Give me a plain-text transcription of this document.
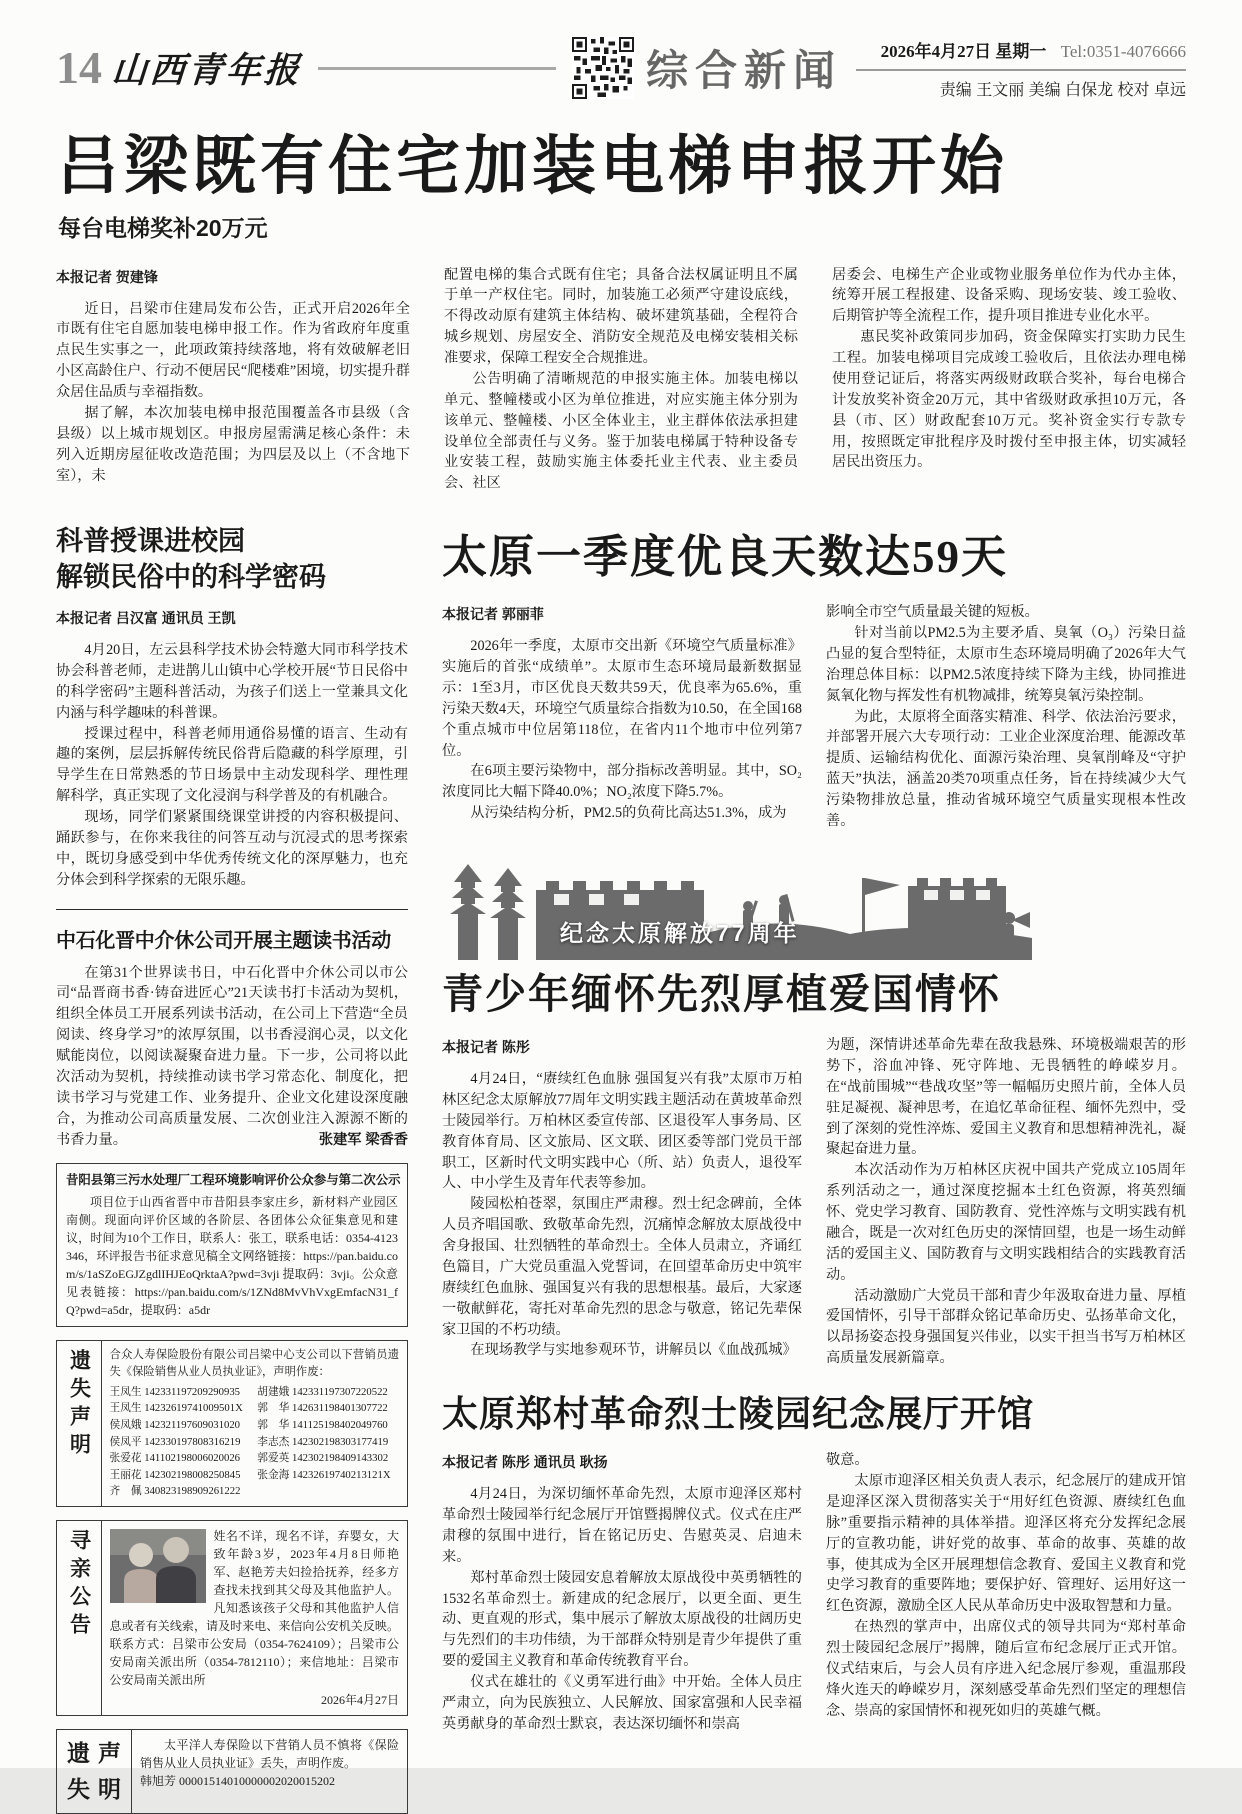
14 山西青年报	综合新闻	2026年4月27日 星期一 Tel:0351-4076666
责编 王文丽 美编 白保龙 校对 卓远
吕梁既有住宅加装电梯申报开始
每台电梯奖补20万元
本报记者 贺建锋

近日，吕梁市住建局发布公告，正式开启2026年全市既有住宅自愿加装电梯申报工作。作为省政府年度重点民生实事之一，此项政策持续落地，将有效破解老旧小区高龄住户、行动不便居民“爬楼难”困境，切实提升群众居住品质与幸福指数。

据了解，本次加装电梯申报范围覆盖各市县级（含县级）以上城市规划区。申报房屋需满足核心条件：未列入近期房屋征收改造范围；为四层及以上（不含地下室），未

配置电梯的集合式既有住宅；具备合法权属证明且不属于单一产权住宅。同时，加装施工必须严守建设底线，不得改动原有建筑主体结构、破坏建筑基础，全程符合城乡规划、房屋安全、消防安全规范及电梯安装相关标准要求，保障工程安全合规推进。

公告明确了清晰规范的申报实施主体。加装电梯以单元、整幢楼或小区为单位推进，对应实施主体分别为该单元、整幢楼、小区全体业主，业主群体依法承担建设单位全部责任与义务。鉴于加装电梯属于特种设备专业安装工程，鼓励实施主体委托业主代表、业主委员会、社区

居委会、电梯生产企业或物业服务单位作为代办主体，统筹开展工程报建、设备采购、现场安装、竣工验收、后期管护等全流程工作，提升项目推进专业化水平。

惠民奖补政策同步加码，资金保障实打实助力民生工程。加装电梯项目完成竣工验收后，且依法办理电梯使用登记证后，将落实两级财政联合奖补，每台电梯合计发放奖补资金20万元，其中省级财政承担10万元，各县（市、区）财政配套10万元。奖补资金实行专款专用，按照既定审批程序及时拨付至申报主体，切实减轻居民出资压力。

科普授课进校园
解锁民俗中的科学密码
本报记者 吕汉富 通讯员 王凯

4月20日，左云县科学技术协会特邀大同市科学技术协会科普老师，走进鹊儿山镇中心学校开展“节日民俗中的科学密码”主题科普活动，为孩子们送上一堂兼具文化内涵与科学趣味的科普课。

授课过程中，科普老师用通俗易懂的语言、生动有趣的案例，层层拆解传统民俗背后隐藏的科学原理，引导学生在日常熟悉的节日场景中主动发现科学、理性理解科学，真正实现了文化浸润与科学普及的有机融合。

现场，同学们紧紧围绕课堂讲授的内容积极提问、踊跃参与，在你来我往的问答互动与沉浸式的思考探索中，既切身感受到中华优秀传统文化的深厚魅力，也充分体会到科学探索的无限乐趣。

中石化晋中介休公司开展主题读书活动

在第31个世界读书日，中石化晋中介休公司以市公司“品晋商书香·铸奋进匠心”21天读书打卡活动为契机，组织全体员工开展系列读书活动，在公司上下营造“全员阅读、终身学习”的浓厚氛围，以书香浸润心灵，以文化赋能岗位，以阅读凝聚奋进力量。下一步，公司将以此次活动为契机，持续推动读书学习常态化、制度化，把读书学习与党建工作、业务提升、企业文化建设深度融合，为推动公司高质量发展、二次创业注入源源不断的书香力量。	张建军 梁香香

昔阳县第三污水处理厂工程环境影响评价公众参与第二次公示
项目位于山西省晋中市昔阳县李家庄乡，新材料产业园区南侧。现面向评价区域的各阶层、各团体公众征集意见和建议，时间为10个工作日，联系人：张工，联系电话：0354-4123346，环评报告书征求意见稿全文网络链接：https://pan.baidu.com/s/1aSZoEGJZgdlIHJEoQrktaA?pwd=3vji 提取码：3vji。公众意见表链接：https://pan.baidu.com/s/1ZNd8MvVhVxgEmfacN31_fQ?pwd=a5dr，提取码：a5dr
遗失声明	合众人寿保险股份有限公司吕梁中心支公司以下营销员遗失《保险销售从业人员执业证》，声明作废：
王凤生 142331197209290935	胡建娥 142331197307220522
王凤生 14232619741009501X	郭　华 142631198401307722
侯凤娥 142321197609031020	郭　华 141125198402049760
侯凤平 142330197808316219	李志杰 142302198303177419
张爱花 141102198006020026	郭爱英 142302198409143302
王丽花 142302198008250845	张金海 14232619740213121X
齐　佩 340823198909261222
寻亲公告	姓名不详，现名不详，弃婴女，大致年龄3岁，2023年4月8日师艳军、赵艳芳夫妇捡拾抚养，经多方查找未找到其父母及其他监护人。凡知悉该孩子父母和其他监护人信息或者有关线索，请及时来电、来信向公安机关反映。联系方式：吕梁市公安局（0354-7624109）；吕梁市公安局南关派出所（0354-7812110）；来信地址：吕梁市公安局南关派出所
2026年4月27日
遗 声
失 明
太平洋人寿保险以下营销人员不慎将《保险销售从业人员执业证》丢失，声明作废。
韩旭芳 00001514010000002020015202
太原一季度优良天数达59天
本报记者 郭丽菲

2026年一季度，太原市交出新《环境空气质量标准》实施后的首张“成绩单”。太原市生态环境局最新数据显示：1至3月，市区优良天数共59天，优良率为65.6%，重污染天数4天，环境空气质量综合指数为10.50，在全国168个重点城市中位居第118位，在省内11个地市中位列第7位。

在6项主要污染物中，部分指标改善明显。其中，SO₂浓度同比大幅下降40.0%；NO₂浓度下降5.7%。

从污染结构分析，PM2.5的负荷比高达51.3%，成为

影响全市空气质量最关键的短板。

针对当前以PM2.5为主要矛盾、臭氧（O₃）污染日益凸显的复合型特征，太原市生态环境局明确了2026年大气治理总体目标：以PM2.5浓度持续下降为主线，协同推进氮氧化物与挥发性有机物减排，统筹臭氧污染控制。

为此，太原将全面落实精准、科学、依法治污要求，并部署开展六大专项行动：工业企业深度治理、能源改革提质、运输结构优化、面源污染治理、臭氧削峰及“守护蓝天”执法，涵盖20类70项重点任务，旨在持续减少大气污染物排放总量，推动省城环境空气质量实现根本性改善。

纪念太原解放77周年
青少年缅怀先烈厚植爱国情怀
本报记者 陈彤

4月24日，“赓续红色血脉 强国复兴有我”太原市万柏林区纪念太原解放77周年文明实践主题活动在黄坡革命烈士陵园举行。万柏林区委宣传部、区退役军人事务局、区教育体育局、区文旅局、区文联、团区委等部门党员干部职工，区新时代文明实践中心（所、站）负责人，退役军人、中小学生及青年代表等参加。

陵园松柏苍翠，氛围庄严肃穆。烈士纪念碑前，全体人员齐唱国歌、致敬革命先烈，沉痛悼念解放太原战役中舍身报国、壮烈牺牲的革命烈士。全体人员肃立，齐诵红色篇目，广大党员重温入党誓词，在回望革命历史中筑牢赓续红色血脉、强国复兴有我的思想根基。最后，大家逐一敬献鲜花，寄托对革命先烈的思念与敬意，铭记先辈保家卫国的不朽功绩。

在现场教学与实地参观环节，讲解员以《血战孤城》

为题，深情讲述革命先辈在敌我悬殊、环境极端艰苦的形势下，浴血冲锋、死守阵地、无畏牺牲的峥嵘岁月。在“战前围城”“巷战攻坚”等一幅幅历史照片前，全体人员驻足凝视、凝神思考，在追忆革命征程、缅怀先烈中，受到了深刻的党性淬炼、爱国主义教育和思想精神洗礼，凝聚起奋进力量。

本次活动作为万柏林区庆祝中国共产党成立105周年系列活动之一，通过深度挖掘本土红色资源，将英烈缅怀、党史学习教育、国防教育、党性淬炼与文明实践有机融合，既是一次对红色历史的深情回望，也是一场生动鲜活的爱国主义、国防教育与文明实践相结合的实践教育活动。

活动激励广大党员干部和青少年汲取奋进力量、厚植爱国情怀，引导干部群众铭记革命历史、弘扬革命文化，以昂扬姿态投身强国复兴伟业，以实干担当书写万柏林区高质量发展新篇章。

太原郑村革命烈士陵园纪念展厅开馆
本报记者 陈彤 通讯员 耿扬

4月24日，为深切缅怀革命先烈，太原市迎泽区郑村革命烈士陵园举行纪念展厅开馆暨揭牌仪式。仪式在庄严肃穆的氛围中进行，旨在铭记历史、告慰英灵、启迪未来。

郑村革命烈士陵园安息着解放太原战役中英勇牺牲的1532名革命烈士。新建成的纪念展厅，以更全面、更生动、更直观的形式，集中展示了解放太原战役的壮阔历史与先烈们的丰功伟绩，为干部群众特别是青少年提供了重要的爱国主义教育和革命传统教育平台。

仪式在雄壮的《义勇军进行曲》中开始。全体人员庄严肃立，向为民族独立、人民解放、国家富强和人民幸福英勇献身的革命烈士默哀，表达深切缅怀和崇高

敬意。

太原市迎泽区相关负责人表示，纪念展厅的建成开馆是迎泽区深入贯彻落实关于“用好红色资源、赓续红色血脉”重要指示精神的具体举措。迎泽区将充分发挥纪念展厅的宣教功能，讲好党的故事、革命的故事、英雄的故事，使其成为全区开展理想信念教育、爱国主义教育和党史学习教育的重要阵地；要保护好、管理好、运用好这一红色资源，激励全区人民从革命历史中汲取智慧和力量。

在热烈的掌声中，出席仪式的领导共同为“郑村革命烈士陵园纪念展厅”揭牌，随后宣布纪念展厅正式开馆。仪式结束后，与会人员有序进入纪念展厅参观，重温那段烽火连天的峥嵘岁月，深刻感受革命先烈们坚定的理想信念、崇高的家国情怀和视死如归的英雄气概。
